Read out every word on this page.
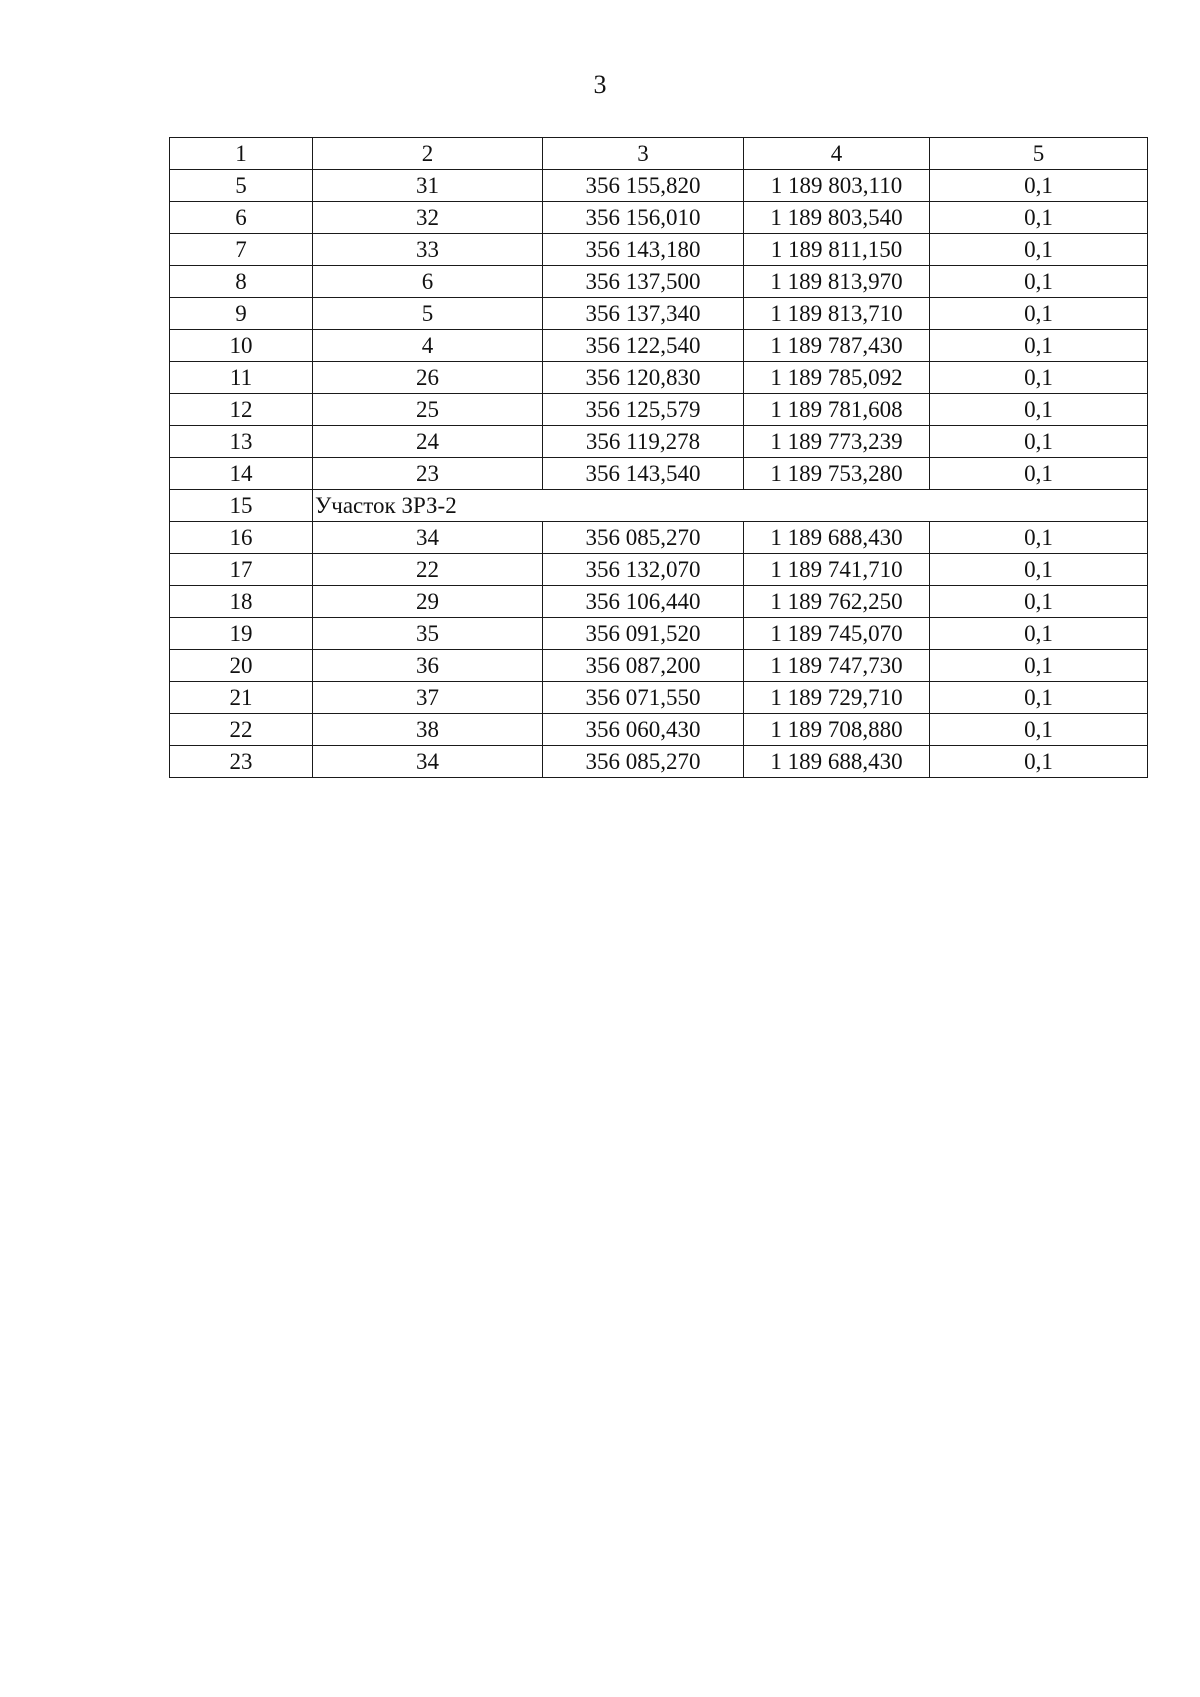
3
1	2	3	4	5
5	31	356 155,820	1 189 803,110	0,1
6	32	356 156,010	1 189 803,540	0,1
7	33	356 143,180	1 189 811,150	0,1
8	6	356 137,500	1 189 813,970	0,1
9	5	356 137,340	1 189 813,710	0,1
10	4	356 122,540	1 189 787,430	0,1
11	26	356 120,830	1 189 785,092	0,1
12	25	356 125,579	1 189 781,608	0,1
13	24	356 119,278	1 189 773,239	0,1
14	23	356 143,540	1 189 753,280	0,1
15	Участок ЗРЗ-2			
16	34	356 085,270	1 189 688,430	0,1
17	22	356 132,070	1 189 741,710	0,1
18	29	356 106,440	1 189 762,250	0,1
19	35	356 091,520	1 189 745,070	0,1
20	36	356 087,200	1 189 747,730	0,1
21	37	356 071,550	1 189 729,710	0,1
22	38	356 060,430	1 189 708,880	0,1
23	34	356 085,270	1 189 688,430	0,1
